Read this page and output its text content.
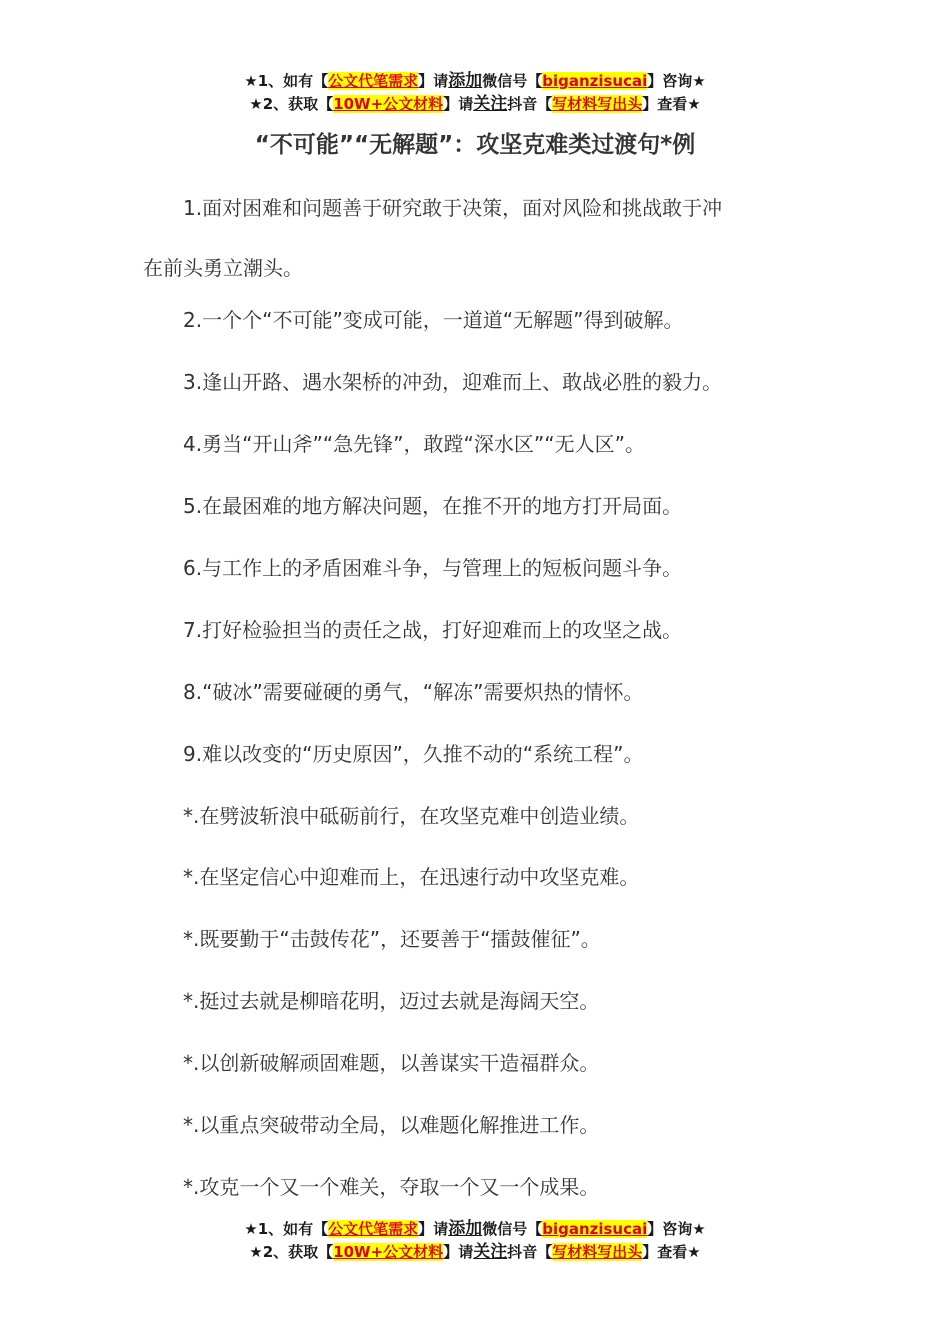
★1、如有【公文代笔需求】请添加微信号【biganzisucai】咨询★
★2、获取【10W+公文材料】请关注抖音【写材料写出头】查看★
“不可能”“无解题”：攻坚克难类过渡句*例
1.面对困难和问题善于研究敢于决策，面对风险和挑战敢于冲
在前头勇立潮头。
2.一个个“不可能”变成可能，一道道“无解题”得到破解。
3.逢山开路、遇水架桥的冲劲，迎难而上、敢战必胜的毅力。
4.勇当“开山斧”“急先锋”，敢蹚“深水区”“无人区”。
5.在最困难的地方解决问题，在推不开的地方打开局面。
6.与工作上的矛盾困难斗争，与管理上的短板问题斗争。
7.打好检验担当的责任之战，打好迎难而上的攻坚之战。
8.“破冰”需要碰硬的勇气，“解冻”需要炽热的情怀。
9.难以改变的“历史原因”，久推不动的“系统工程”。
*.在劈波斩浪中砥砺前行，在攻坚克难中创造业绩。
*.在坚定信心中迎难而上，在迅速行动中攻坚克难。
*.既要勤于“击鼓传花”，还要善于“擂鼓催征”。
*.挺过去就是柳暗花明，迈过去就是海阔天空。
*.以创新破解顽固难题，以善谋实干造福群众。
*.以重点突破带动全局，以难题化解推进工作。
*.攻克一个又一个难关，夺取一个又一个成果。
★1、如有【公文代笔需求】请添加微信号【biganzisucai】咨询★
★2、获取【10W+公文材料】请关注抖音【写材料写出头】查看★
